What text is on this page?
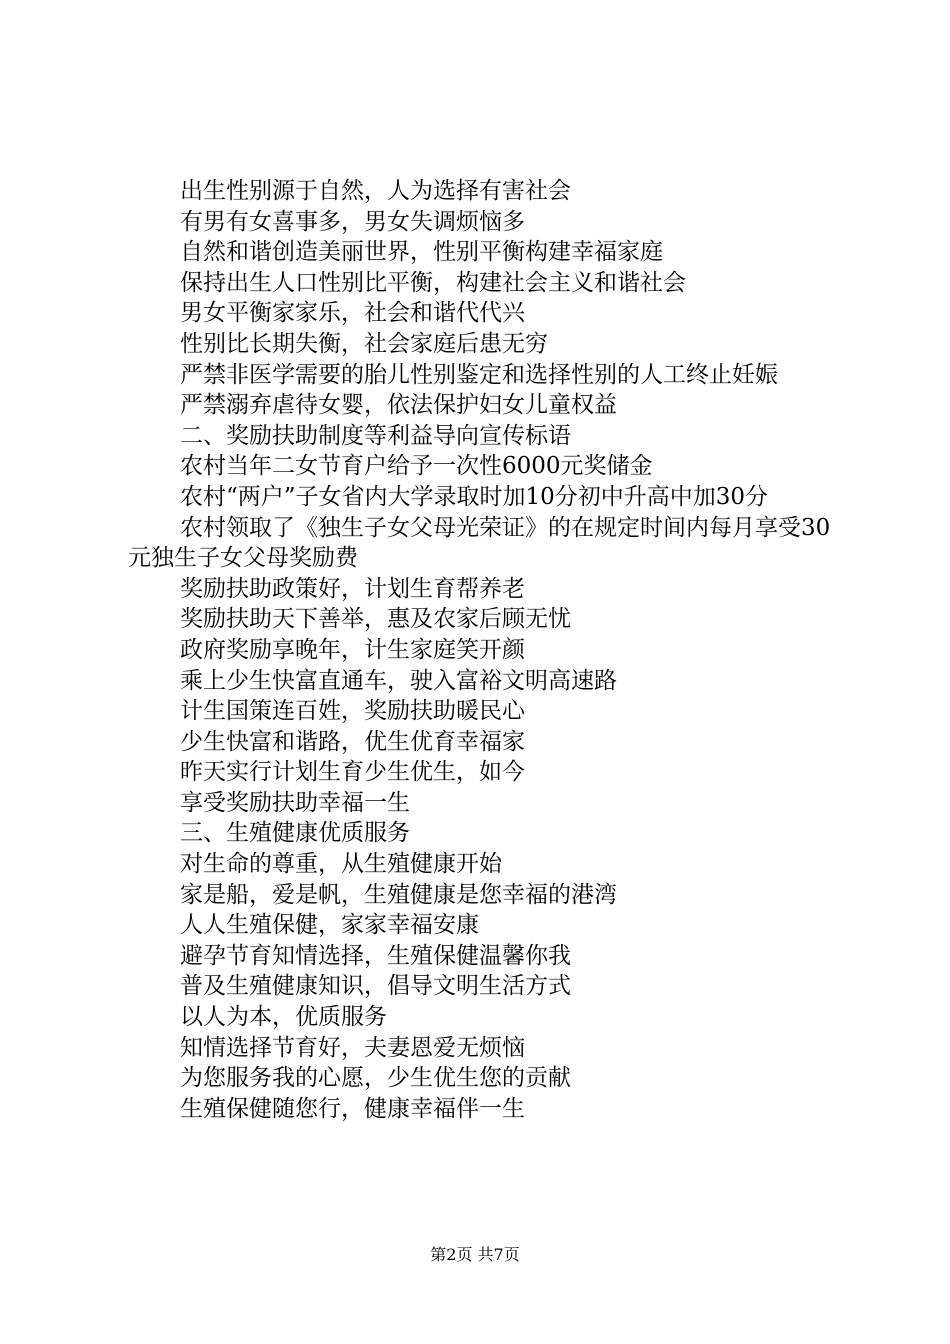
出生性别源于自然，人为选择有害社会

有男有女喜事多，男女失调烦恼多

自然和谐创造美丽世界，性别平衡构建幸福家庭

保持出生人口性别比平衡，构建社会主义和谐社会

男女平衡家家乐，社会和谐代代兴

性别比长期失衡，社会家庭后患无穷

严禁非医学需要的胎儿性别鉴定和选择性别的人工终止妊娠

严禁溺弃虐待女婴，依法保护妇女儿童权益

二、奖励扶助制度等利益导向宣传标语

农村当年二女节育户给予一次性6000元奖储金

农村“两户”子女省内大学录取时加10分初中升高中加30分

农村领取了《独生子女父母光荣证》的在规定时间内每月享受30元独生子女父母奖励费

奖励扶助政策好，计划生育帮养老

奖励扶助天下善举，惠及农家后顾无忧

政府奖励享晚年，计生家庭笑开颜

乘上少生快富直通车，驶入富裕文明高速路

计生国策连百姓，奖励扶助暖民心

少生快富和谐路，优生优育幸福家

昨天实行计划生育少生优生，如今

享受奖励扶助幸福一生

三、生殖健康优质服务

对生命的尊重，从生殖健康开始

家是船，爱是帆，生殖健康是您幸福的港湾

人人生殖保健，家家幸福安康

避孕节育知情选择，生殖保健温馨你我

普及生殖健康知识，倡导文明生活方式

以人为本，优质服务

知情选择节育好，夫妻恩爱无烦恼

为您服务我的心愿，少生优生您的贡献

生殖保健随您行，健康幸福伴一生

第2页 共7页
